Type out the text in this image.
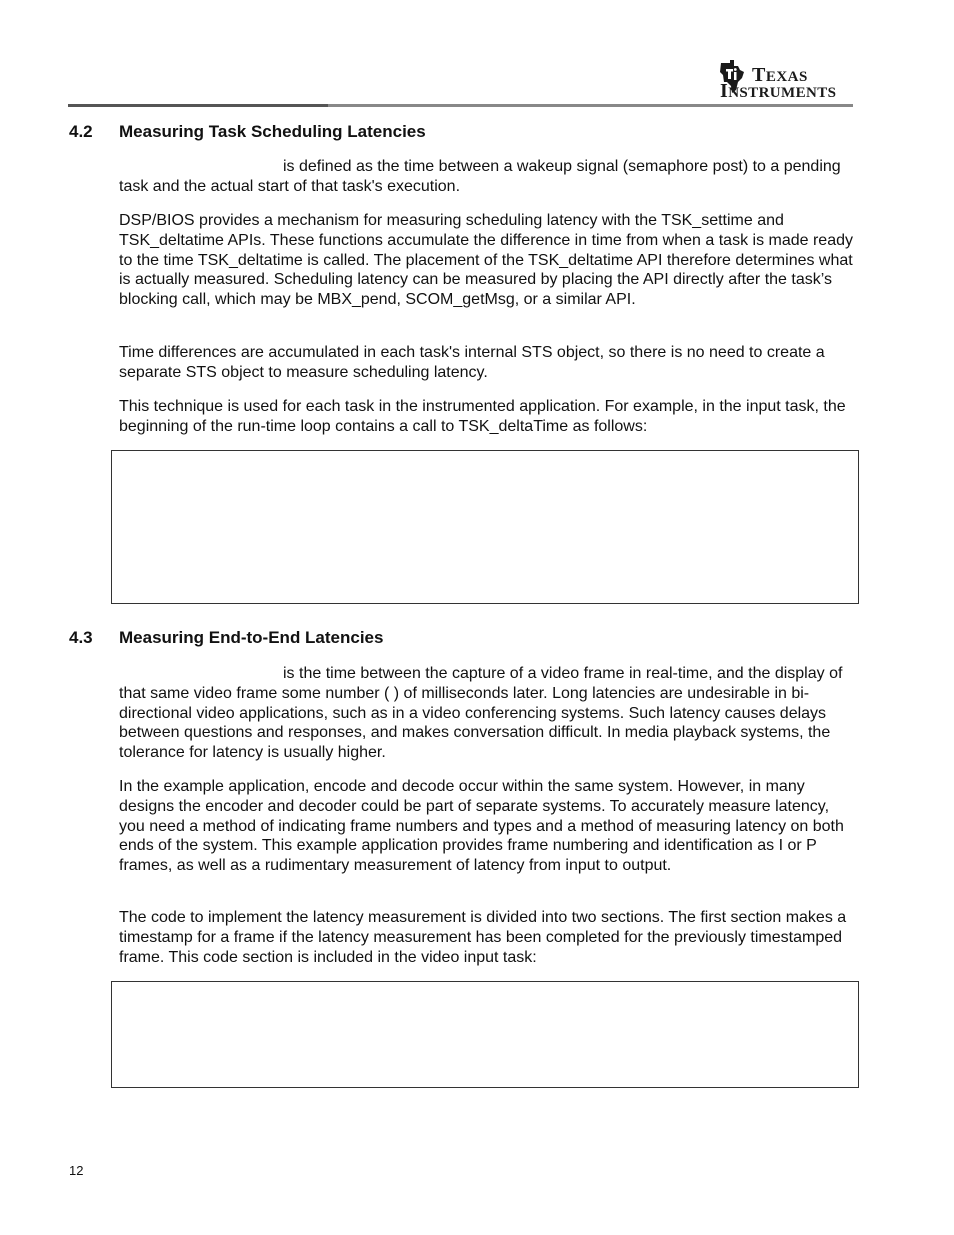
TEXAS
INSTRUMENTS
4.2	Measuring Task Scheduling Latencies
is defined as the time between a wakeup signal (semaphore post) to a pending task and the actual start of that task's execution.
DSP/BIOS provides a mechanism for measuring scheduling latency with the TSK_settime and TSK_deltatime APIs. These functions accumulate the difference in time from when a task is made ready to the time TSK_deltatime is called. The placement of the TSK_deltatime API therefore determines what is actually measured. Scheduling latency can be measured by placing the API directly after the task’s blocking call, which may be MBX_pend, SCOM_getMsg, or a similar API.
Time differences are accumulated in each task's internal STS object, so there is no need to create a separate STS object to measure scheduling latency.
This technique is used for each task in the instrumented application. For example, in the input task, the beginning of the run-time loop contains a call to TSK_deltaTime as follows:
4.3	Measuring End-to-End Latencies
is the time between the capture of a video frame in real-time, and the display of that same video frame some number ( ) of milliseconds later. Long latencies are undesirable in bi-directional video applications, such as in a video conferencing systems. Such latency causes delays between questions and responses, and makes conversation difficult. In media playback systems, the tolerance for latency is usually higher.
In the example application, encode and decode occur within the same system. However, in many designs the encoder and decoder could be part of separate systems. To accurately measure latency, you need a method of indicating frame numbers and types and a method of measuring latency on both ends of the system. This example application provides frame numbering and identification as I or P frames, as well as a rudimentary measurement of latency from input to output.
The code to implement the latency measurement is divided into two sections. The first section makes a timestamp for a frame if the latency measurement has been completed for the previously timestamped frame. This code section is included in the video input task:
12
